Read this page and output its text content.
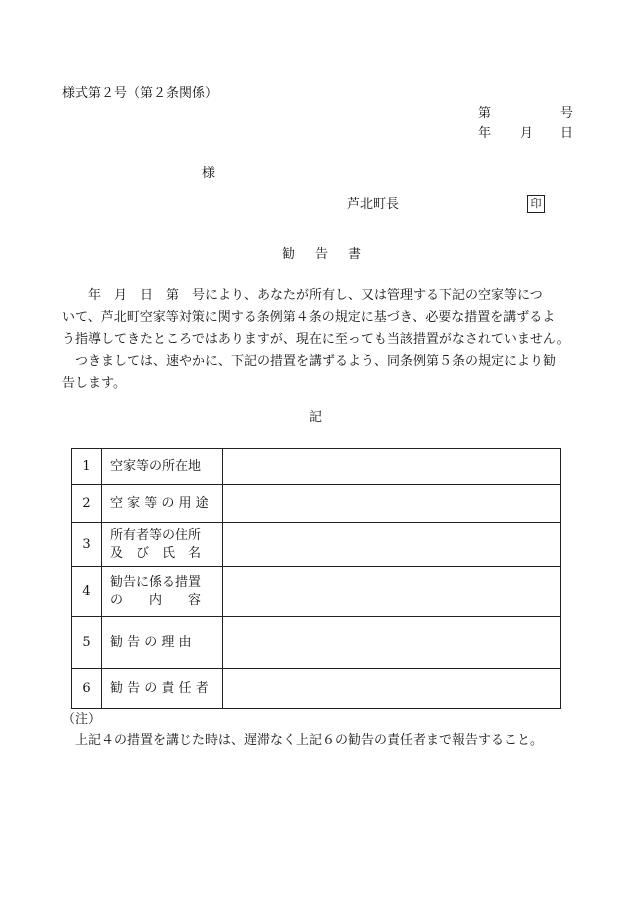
様式第２号（第２条関係）
第	号
年 月 日
様
芦北町長	印
勧 告 書
　　年　月　日　第　号により、あなたが所有し、又は管理する下記の空家等につ
いて、芦北町空家等対策に関する条例第４条の規定に基づき、必要な措置を講ずるよ
う指導してきたところではありますが、現在に至っても当該措置がなされていません。
　つきましては、速やかに、下記の措置を講ずるよう、同条例第５条の規定により勧
告します。
記
1	空家等の所在地	
2	空 家 等 の 用 途	
3	所有者等の住所
及　び　氏　名	

4	勧告に係る措置
の　　内　　容	

5	勧 告 の 理 由	
6	勧 告 の 責 任 者	
（注）
上記４の措置を講じた時は、遅滞なく上記６の勧告の責任者まで報告すること。
